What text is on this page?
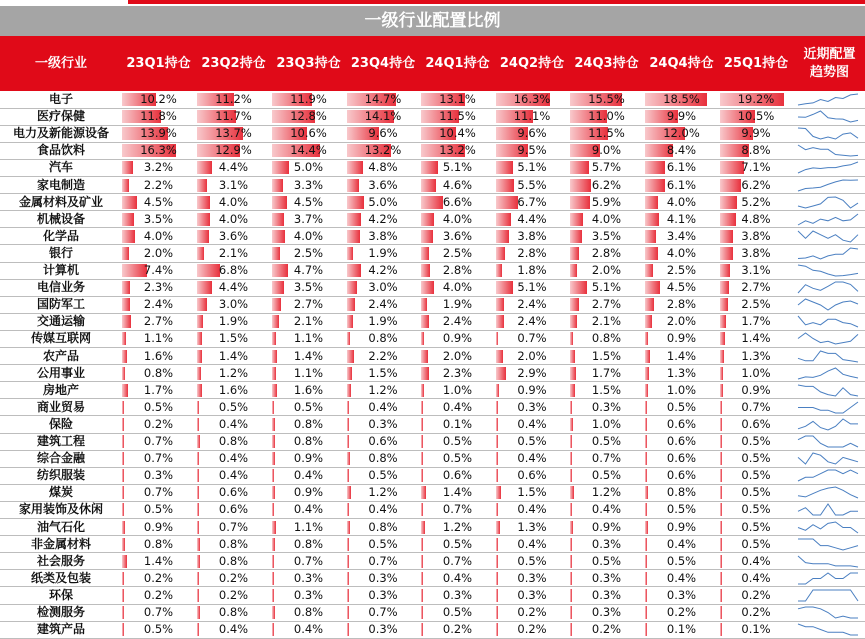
一级行业配置比例
一级行业	23Q1持仓 23Q2持仓 23Q3持仓 23Q4持仓 24Q1持仓 24Q2持仓 24Q3持仓 24Q4持仓 25Q1持仓
近期配置趋势图
电子	10.2%	11.2%	11.9%	14.7%	13.1%	16.3%	15.5%	18.5%	19.2%
医疗保健	11.8%	11.7%	12.8%	14.1%	11.5%	11.1%	11.0%	9.9%	10.5%
电力及新能源设备	13.9%	13.7%	10.6%	9.6%	10.4%	9.6%	11.5%	12.0%	9.9%
食品饮料	16.3%	12.9%	14.4%	13.2%	13.2%	9.5%	9.0%	8.4%	8.8%
汽车	3.2%	4.4%	5.0%	4.8%	5.1%	5.1%	5.7%	6.1%	7.1%
家电制造	2.2%	3.1%	3.3%	3.6%	4.6%	5.5%	6.2%	6.1%	6.2%
金属材料及矿业	4.5%	4.0%	4.5%	5.0%	6.6%	6.7%	5.9%	4.0%	5.2%
机械设备	3.5%	4.0%	3.7%	4.2%	4.0%	4.4%	4.0%	4.1%	4.8%
化学品	4.0%	3.6%	4.0%	3.8%	3.6%	3.8%	3.5%	3.4%	3.8%
银行	2.0%	2.1%	2.5%	1.9%	2.5%	2.8%	2.8%	4.0%	3.8%
计算机	7.4%	6.8%	4.7%	4.2%	2.8%	1.8%	2.0%	2.5%	3.1%
电信业务	2.3%	4.4%	3.5%	3.0%	4.0%	5.1%	5.1%	4.5%	2.7%
国防军工	2.4%	3.0%	2.7%	2.4%	1.9%	2.4%	2.7%	2.8%	2.5%
交通运输	2.7%	1.9%	2.1%	1.9%	2.4%	2.4%	2.1%	2.0%	1.7%
传媒互联网	1.1%	1.5%	1.1%	0.8%	0.9%	0.7%	0.8%	0.9%	1.4%
农产品	1.6%	1.4%	1.4%	2.2%	2.0%	2.0%	1.5%	1.4%	1.3%
公用事业	0.8%	1.2%	1.1%	1.5%	2.3%	2.9%	1.7%	1.3%	1.0%
房地产	1.7%	1.6%	1.6%	1.2%	1.0%	0.9%	1.5%	1.0%	0.9%
商业贸易	0.5%	0.5%	0.5%	0.4%	0.4%	0.3%	0.3%	0.5%	0.7%
保险	0.2%	0.4%	0.8%	0.3%	0.1%	0.4%	1.0%	0.6%	0.6%
建筑工程	0.7%	0.8%	0.8%	0.6%	0.5%	0.5%	0.5%	0.6%	0.5%
综合金融	0.7%	0.4%	0.9%	0.8%	0.5%	0.4%	0.7%	0.6%	0.5%
纺织服装	0.3%	0.4%	0.4%	0.5%	0.6%	0.6%	0.5%	0.6%	0.5%
煤炭	0.7%	0.6%	0.9%	1.2%	1.4%	1.5%	1.2%	0.8%	0.5%
家用装饰及休闲	0.5%	0.6%	0.4%	0.4%	0.7%	0.4%	0.4%	0.5%	0.5%
油气石化	0.9%	0.7%	1.1%	0.8%	1.2%	1.3%	0.9%	0.9%	0.5%
非金属材料	0.8%	0.8%	0.8%	0.5%	0.5%	0.4%	0.3%	0.4%	0.5%
社会服务	1.4%	0.8%	0.7%	0.7%	0.7%	0.5%	0.5%	0.5%	0.4%
纸类及包装	0.2%	0.2%	0.3%	0.3%	0.4%	0.3%	0.3%	0.4%	0.4%
环保	0.2%	0.2%	0.3%	0.3%	0.3%	0.3%	0.3%	0.3%	0.2%
检测服务	0.7%	0.8%	0.8%	0.7%	0.5%	0.2%	0.3%	0.2%	0.2%
建筑产品	0.5%	0.4%	0.4%	0.3%	0.2%	0.2%	0.2%	0.1%	0.1%
